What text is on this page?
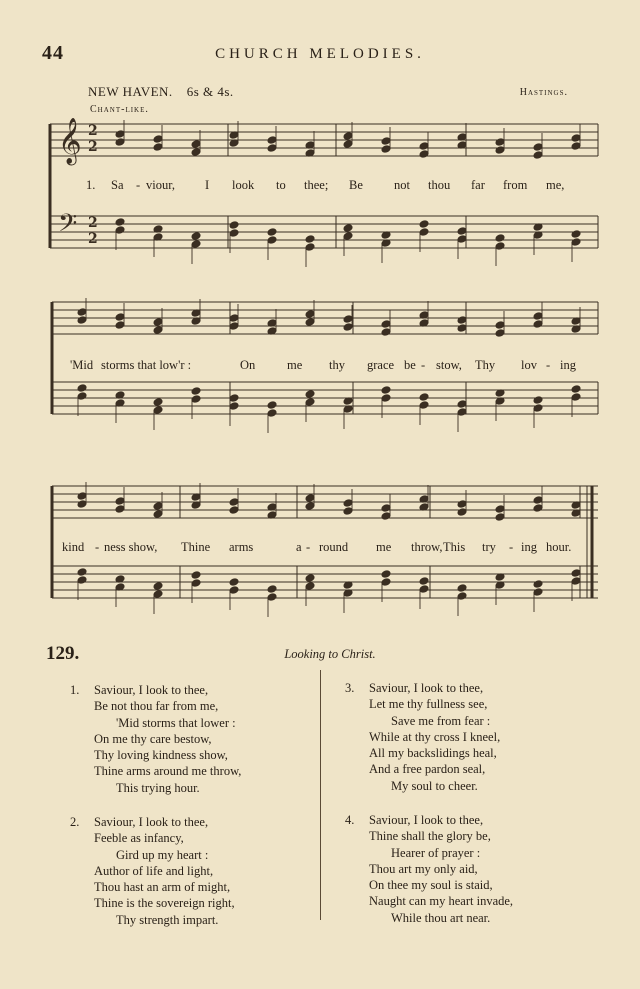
44	CHURCH MELODIES.
NEW HAVEN. 6s & 4s.	Hastings.
Chant-like.
𝄞
𝄢
2
2
2
2
1. Sa - viour, I look to thee; Be not thou far from me,
'Mid storms that low'r :	On	me thy grace be - stow, Thy lov - ing
kind - ness show, Thine arms	a - round me throw, This try - ing hour.
129.	Looking to Christ.
1. Saviour, I look to thee,
Be not thou far from me,
'Mid storms that lower :
On me thy care bestow,
Thy loving kindness show,
Thine arms around me throw,
This trying hour.
2. Saviour, I look to thee,
Feeble as infancy,
Gird up my heart :
Author of life and light,
Thou hast an arm of might,
Thine is the sovereign right,
Thy strength impart.
3. Saviour, I look to thee,
Let me thy fullness see,
Save me from fear :
While at thy cross I kneel,
All my backslidings heal,
And a free pardon seal,
My soul to cheer.
4. Saviour, I look to thee,
Thine shall the glory be,
Hearer of prayer :
Thou art my only aid,
On thee my soul is staid,
Naught can my heart invade,
While thou art near.
